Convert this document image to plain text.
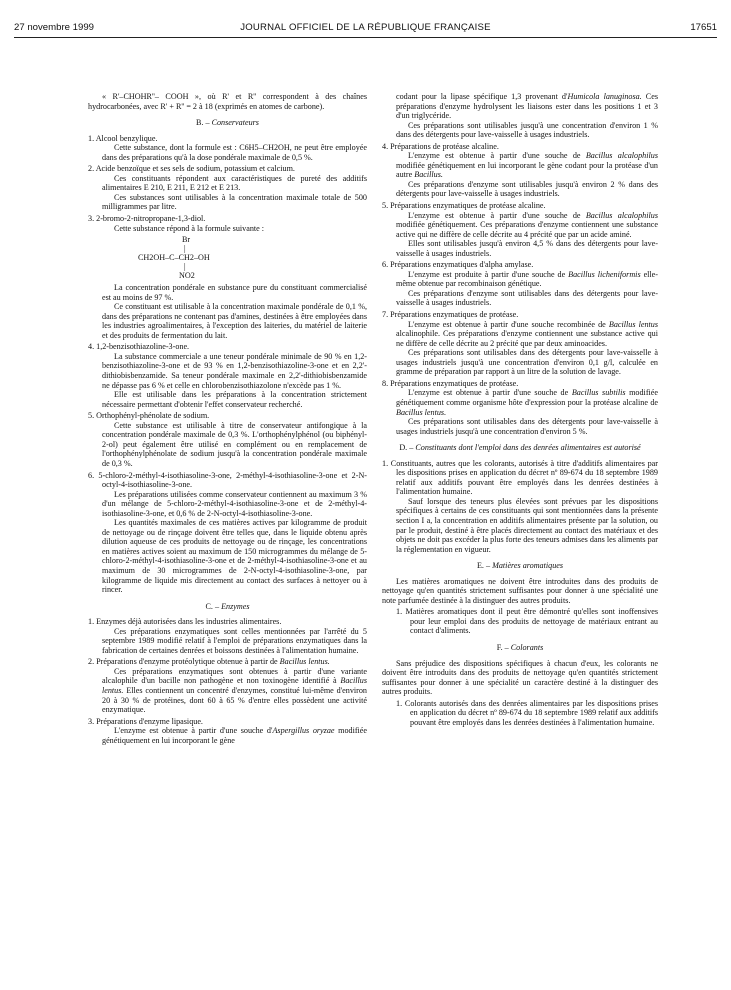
27 novembre 1999	JOURNAL OFFICIEL DE LA RÉPUBLIQUE FRANÇAISE	17651

« R'–CHOHR''– COOH », où R' et R'' correspondent à des chaînes hydrocarbonées, avec R' + R'' = 2 à 18 (exprimés en atomes de carbone).

B. – Conservateurs
1. Alcool benzylique.

Cette substance, dont la formule est : C6H5–CH2OH, ne peut être employée dans des préparations qu'à la dose pondérale maximale de 0,5 %.

2. Acide benzoïque et ses sels de sodium, potassium et calcium.

Ces constituants répondent aux caractéristiques de pureté des additifs alimentaires E 210, E 211, E 212 et E 213.

Ces substances sont utilisables à la concentration maximale totale de 500 milligrammes par litre.

3. 2-bromo-2-nitropropane-1,3-diol.

Cette substance répond à la formule suivante :

Br
|
CH2OH–C–CH2–OH
|
NO2

La concentration pondérale en substance pure du constituant commercialisé est au moins de 97 %.

Ce constituant est utilisable à la concentration maximale pondérale de 0,1 %, dans des préparations ne contenant pas d'amines, destinées à être employées dans les industries agroalimentaires, à l'exception des laiteries, du matériel de laiterie et des produits de fermentation du lait.

4. 1,2-benzisothiazoline-3-one.

La substance commerciale a une teneur pondérale minimale de 90 % en 1,2-benzisothiazoline-3-one et de 93 % en 1,2-benzisothiazoline-3-one et en 2,2'-dithiobisbenzamide. Sa teneur pondérale maximale en 2,2'-dithiobisbenzamide ne dépasse pas 6 % et celle en chlorobenzisothiazolone n'excède pas 1 %.

Elle est utilisable dans les préparations à la concentration strictement nécessaire permettant d'obtenir l'effet conservateur recherché.

5. Orthophényl-phénolate de sodium.

Cette substance est utilisable à titre de conservateur antifongique à la concentration pondérale maximale de 0,3 %. L'orthophénylphénol (ou biphényl-2-ol) peut également être utilisé en complément ou en remplacement de l'orthophénylphénolate de sodium jusqu'à la concentration pondérale maximale de 0,3 %.

6. 5-chloro-2-méthyl-4-isothiasoline-3-one, 2-méthyl-4-isothiasoline-3-one et 2-N-octyl-4-isothiasoline-3-one.

Les préparations utilisées comme conservateur contiennent au maximum 3 % d'un mélange de 5-chloro-2-méthyl-4-isothiasoline-3-one et de 2-méthyl-4-isothiasoline-3-one, et 0,6 % de 2-N-octyl-4-isothiasoline-3-one.

Les quantités maximales de ces matières actives par kilogramme de produit de nettoyage ou de rinçage doivent être telles que, dans le liquide obtenu après dilution aqueuse de ces produits de nettoyage ou de rinçage, les concentrations en matières actives soient au maximum de 150 microgrammes du mélange de 5-chloro-2-méthyl-4-isothiasoline-3-one et de 2-méthyl-4-isothiasoline-3-one et au maximum de 30 microgrammes de 2-N-octyl-4-isothiasoline-3-one, par kilogramme de liquide mis directement au contact des surfaces à nettoyer ou à rincer.

C. – Enzymes
1. Enzymes déjà autorisées dans les industries alimentaires.

Ces préparations enzymatiques sont celles mentionnées par l'arrêté du 5 septembre 1989 modifié relatif à l'emploi de préparations enzymatiques dans la fabrication de certaines denrées et boissons destinées à l'alimentation humaine.

2. Préparations d'enzyme protéolytique obtenue à partir de Bacillus lentus.

Ces préparations enzymatiques sont obtenues à partir d'une variante alcalophile d'un bacille non pathogène et non toxinogène identifié à Bacillus lentus. Elles contiennent un concentré d'enzymes, constitué lui-même d'environ 20 à 30 % de protéines, dont 60 à 65 % d'entre elles possèdent une activité enzymatique.

3. Préparations d'enzyme lipasique.

L'enzyme est obtenue à partir d'une souche d'Aspergillus oryzae modifiée génétiquement en lui incorporant le gène

codant pour la lipase spécifique 1,3 provenant d'Humicola lanuginosa. Ces préparations d'enzyme hydrolysent les liaisons ester dans les positions 1 et 3 d'un triglycéride.

Ces préparations sont utilisables jusqu'à une concentration d'environ 1 % dans des détergents pour lave-vaisselle à usages industriels.

4. Préparations de protéase alcaline.

L'enzyme est obtenue à partir d'une souche de Bacillus alcalophilus modifiée génétiquement en lui incorporant le gène codant pour la protéase d'un autre Bacillus.

Ces préparations d'enzyme sont utilisables jusqu'à environ 2 % dans des détergents pour lave-vaisselle à usages industriels.

5. Préparations enzymatiques de protéase alcaline.

L'enzyme est obtenue à partir d'une souche de Bacillus alcalophilus modifiée génétiquement. Ces préparations d'enzyme contiennent une substance active qui ne diffère de celle décrite au 4 précité que par un acide aminé.

Elles sont utilisables jusqu'à environ 4,5 % dans des détergents pour lave-vaisselle à usages industriels.

6. Préparations enzymatiques d'alpha amylase.

L'enzyme est produite à partir d'une souche de Bacillus licheniformis elle-même obtenue par recombinaison génétique.

Ces préparations d'enzyme sont utilisables dans des détergents pour lave-vaisselle à usages industriels.

7. Préparations enzymatiques de protéase.

L'enzyme est obtenue à partir d'une souche recombinée de Bacillus lentus alcalinophile. Ces préparations d'enzyme contiennent une substance active qui ne diffère de celle décrite au 2 précité que par deux aminoacides.

Ces préparations sont utilisables dans des détergents pour lave-vaisselle à usages industriels jusqu'à une concentration d'environ 0,1 g/l, calculée en gramme de préparation par rapport à un litre de la solution de lavage.

8. Préparations enzymatiques de protéase.

L'enzyme est obtenue à partir d'une souche de Bacillus subtilis modifiée génétiquement comme organisme hôte d'expression pour la protéase alcaline de Bacillus lentus.

Ces préparations sont utilisables dans des détergents pour lave-vaisselle à usages industriels jusqu'à une concentration d'environ 5 %.

D. – Constituants dont l'emploi dans des denrées alimentaires est autorisé
1. Constituants, autres que les colorants, autorisés à titre d'additifs alimentaires par les dispositions prises en application du décret nº 89-674 du 18 septembre 1989 relatif aux additifs pouvant être employés dans les denrées destinées à l'alimentation humaine.

Sauf lorsque des teneurs plus élevées sont prévues par les dispositions spécifiques à certains de ces constituants qui sont mentionnées dans la présente section I a, la concentration en additifs alimentaires présente par la solution, ou par le produit, destiné à être placés directement au contact des matériaux et des objets ne doit pas excéder la plus forte des teneurs admises dans les aliments par la réglementation en vigueur.

E. – Matières aromatiques

Les matières aromatiques ne doivent être introduites dans des produits de nettoyage qu'en quantités strictement suffisantes pour donner à une spécialité une note parfumée destinée à la distinguer des autres produits.

1. Matières aromatiques dont il peut être démontré qu'elles sont inoffensives pour leur emploi dans des produits de nettoyage de matériaux entrant au contact d'aliments.
F. – Colorants

Sans préjudice des dispositions spécifiques à chacun d'eux, les colorants ne doivent être introduits dans des produits de nettoyage qu'en quantités strictement suffisantes pour donner à une spécialité un caractère destiné à la distinguer des autres produits.

1. Colorants autorisés dans des denrées alimentaires par les dispositions prises en application du décret nº 89-674 du 18 septembre 1989 relatif aux additifs pouvant être employés dans les denrées destinées à l'alimentation humaine.
